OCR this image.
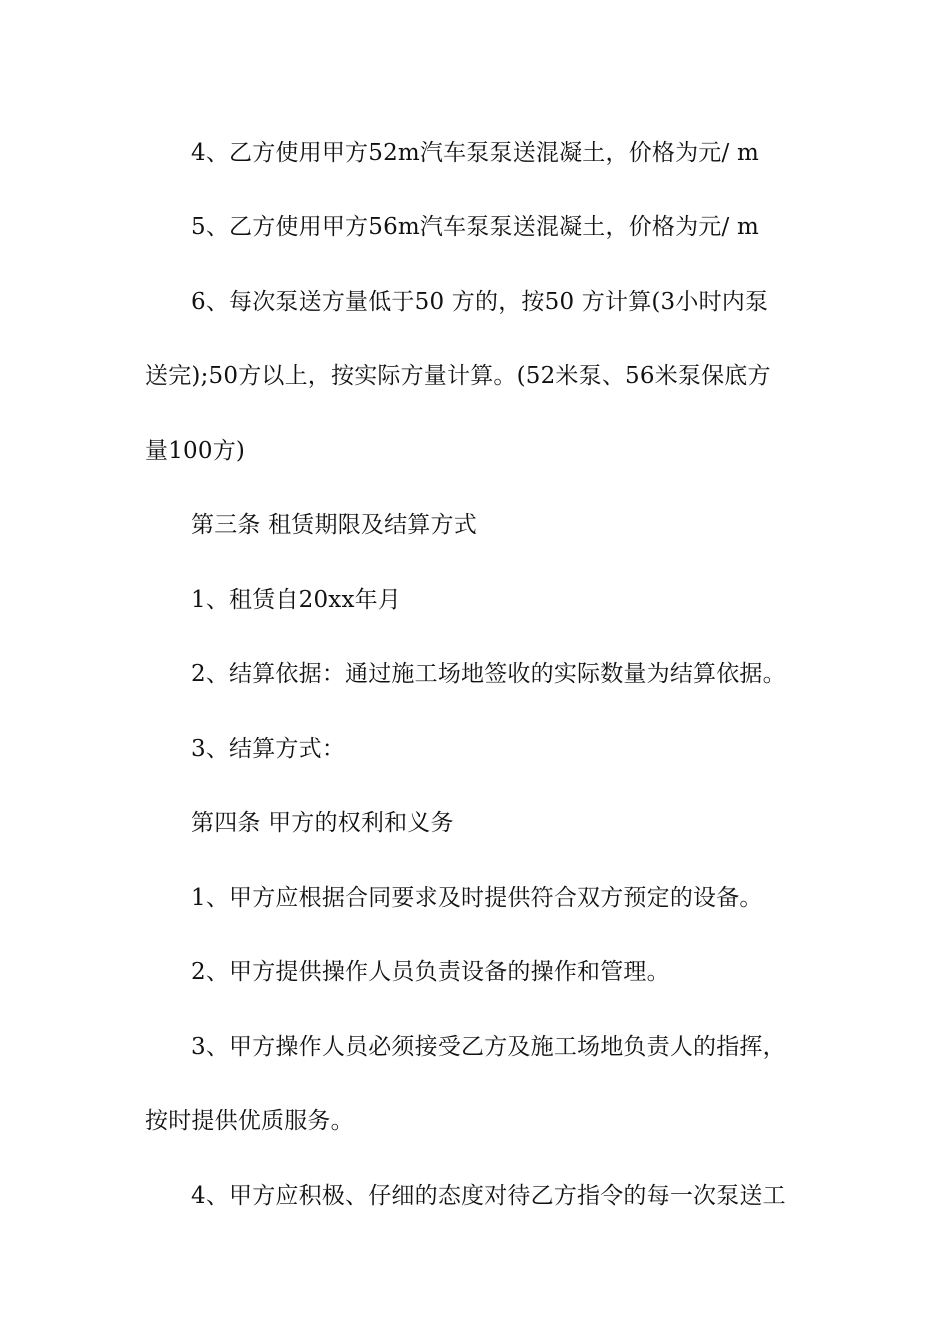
4、乙方使用甲方52m汽车泵泵送混凝土，价格为元/ m
5、乙方使用甲方56m汽车泵泵送混凝土，价格为元/ m
6、每次泵送方量低于50 方的，按50 方计算(3小时内泵
送完);50方以上，按实际方量计算。(52米泵、56米泵保底方
量100方)
第三条 租赁期限及结算方式
1、租赁自20xx年月
2、结算依据：通过施工场地签收的实际数量为结算依据。
3、结算方式：
第四条 甲方的权利和义务
1、甲方应根据合同要求及时提供符合双方预定的设备。
2、甲方提供操作人员负责设备的操作和管理。
3、甲方操作人员必须接受乙方及施工场地负责人的指挥，
按时提供优质服务。
4、甲方应积极、仔细的态度对待乙方指令的每一次泵送工
